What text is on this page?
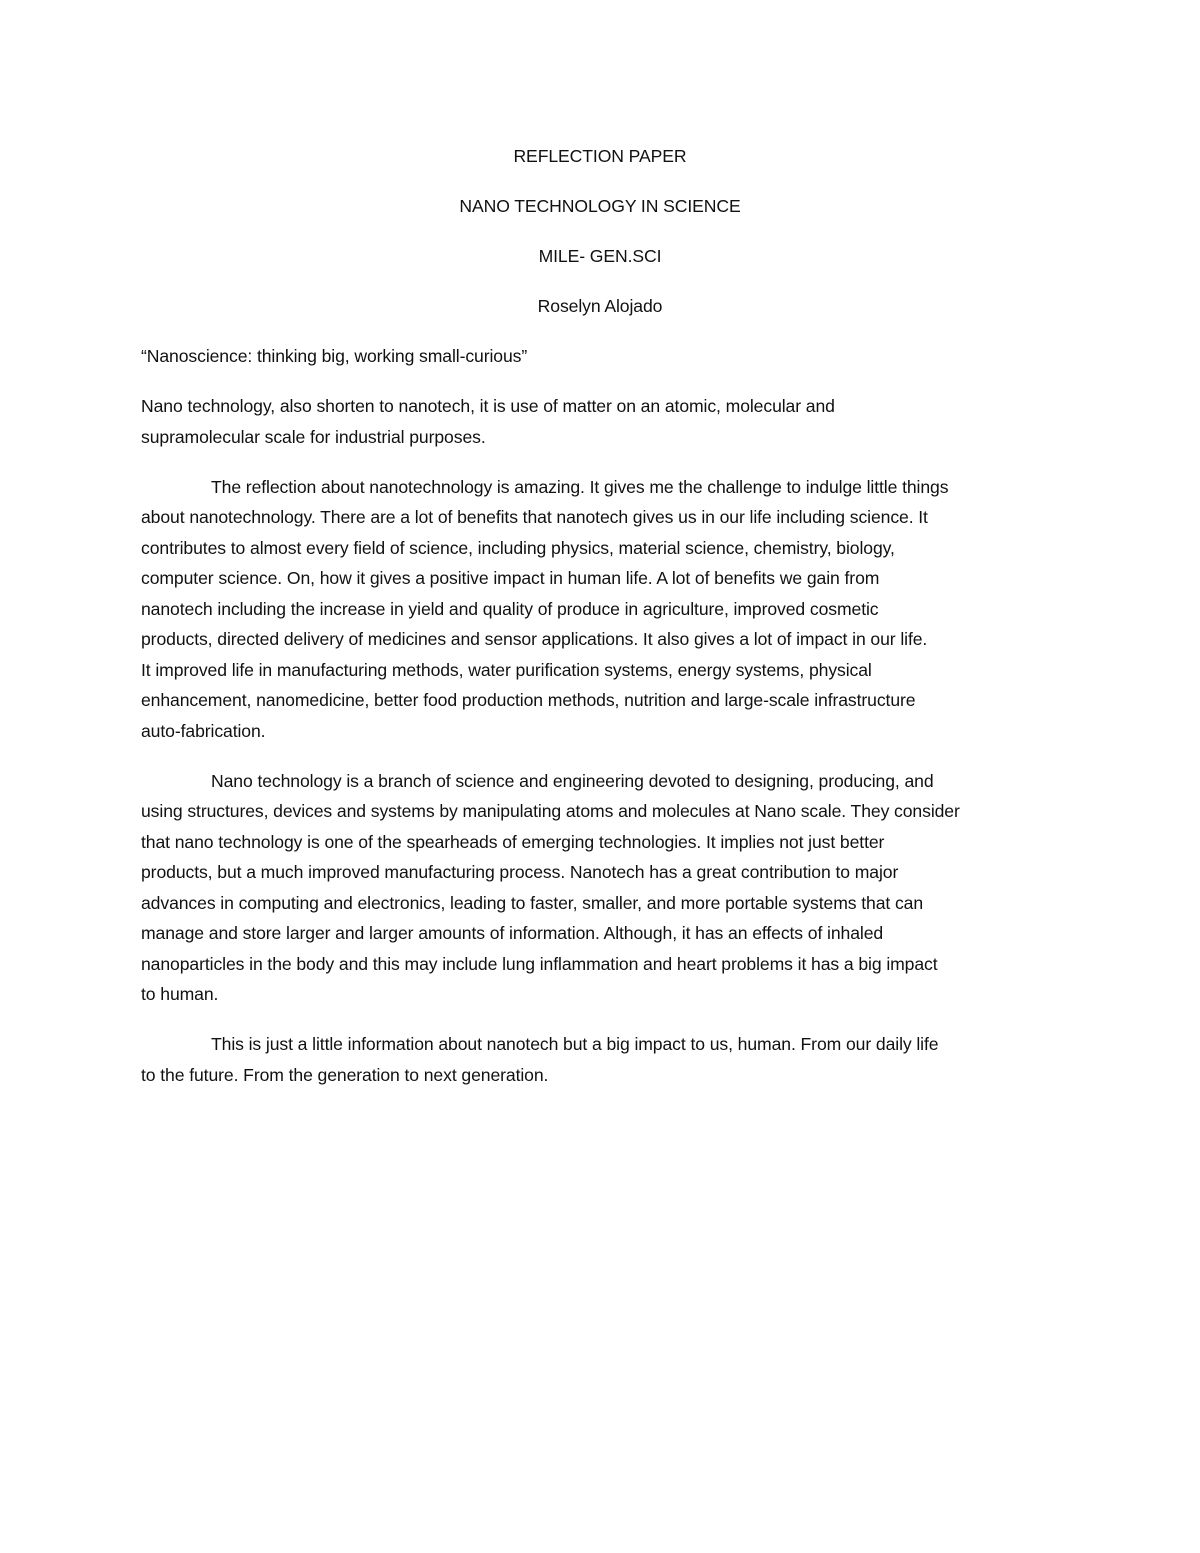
REFLECTION PAPER
NANO TECHNOLOGY IN SCIENCE
MILE- GEN.SCI
Roselyn Alojado
“Nanoscience: thinking big, working small-curious”
Nano technology, also shorten to nanotech, it is use of matter on an atomic, molecular and
supramolecular scale for industrial purposes.
The reflection about nanotechnology is amazing. It gives me the challenge to indulge little things
about nanotechnology. There are a lot of benefits that nanotech gives us in our life including science. It
contributes to almost every field of science, including physics, material science, chemistry, biology,
computer science. On, how it gives a positive impact in human life. A lot of benefits we gain from
nanotech including the increase in yield and quality of produce in agriculture, improved cosmetic
products, directed delivery of medicines and sensor applications. It also gives a lot of impact in our life.
It improved life in manufacturing methods, water purification systems, energy systems, physical
enhancement, nanomedicine, better food production methods, nutrition and large-scale infrastructure
auto-fabrication.
Nano technology is a branch of science and engineering devoted to designing, producing, and
using structures, devices and systems by manipulating atoms and molecules at Nano scale. They consider
that nano technology is one of the spearheads of emerging technologies. It implies not just better
products, but a much improved manufacturing process. Nanotech has a great contribution to major
advances in computing and electronics, leading to faster, smaller, and more portable systems that can
manage and store larger and larger amounts of information. Although, it has an effects of inhaled
nanoparticles in the body and this may include lung inflammation and heart problems it has a big impact
to human.
This is just a little information about nanotech but a big impact to us, human. From our daily life
to the future. From the generation to next generation.
